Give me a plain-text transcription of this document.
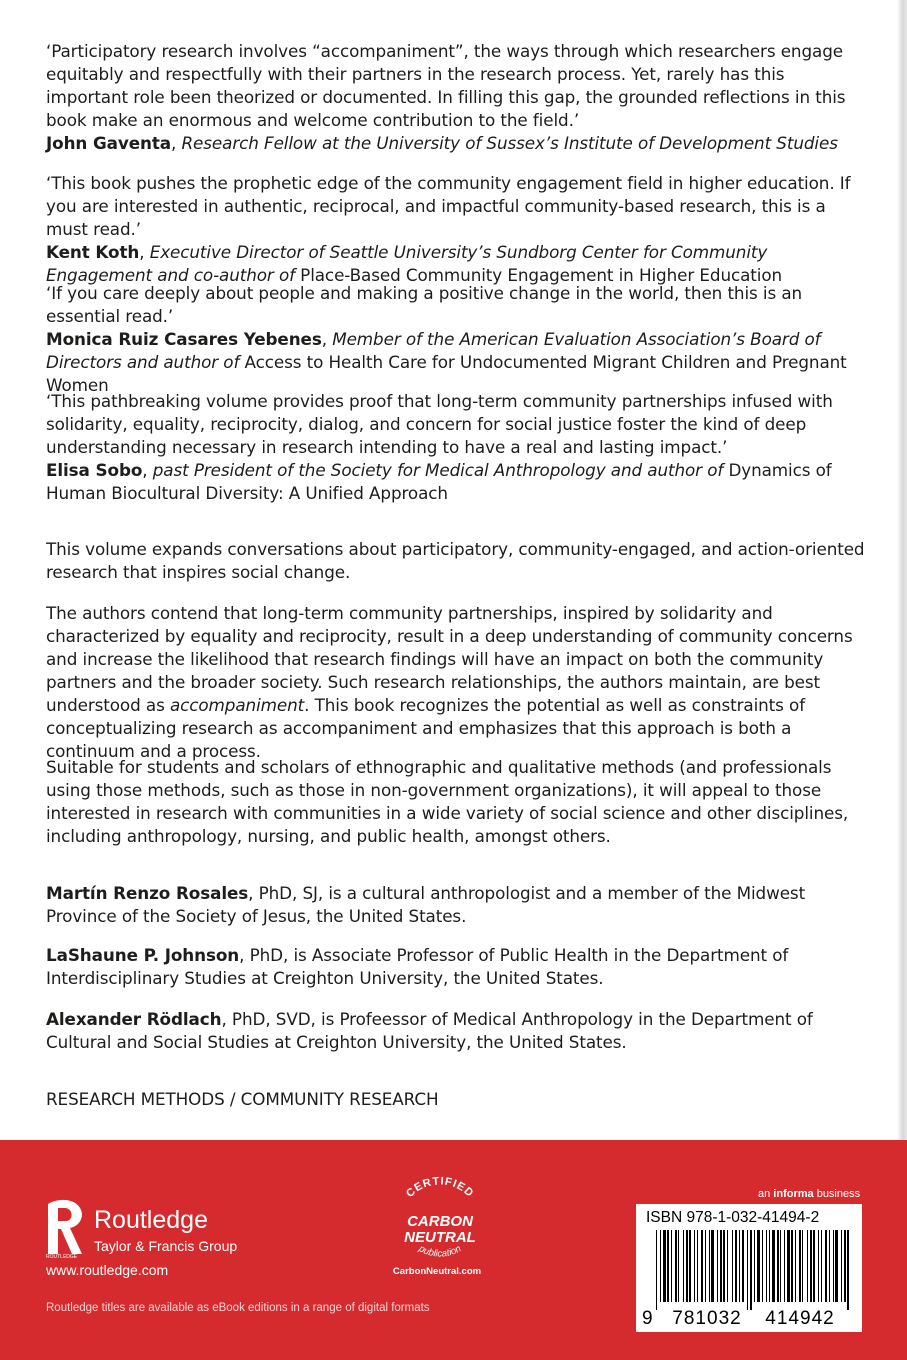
‘Participatory research involves “accompaniment”, the ways through which researchers engage equitably and respectfully with their partners in the research process. Yet, rarely has this important role been theorized or documented. In filling this gap, the grounded reflections in this book make an enormous and welcome contribution to the field.’
John Gaventa, Research Fellow at the University of Sussex’s Institute of Development Studies

‘This book pushes the prophetic edge of the community engagement field in higher education. If you are interested in authentic, reciprocal, and impactful community-based research, this is a must read.’
Kent Koth, Executive Director of Seattle University’s Sundborg Center for Community Engagement and co-author of Place-Based Community Engagement in Higher Education

‘If you care deeply about people and making a positive change in the world, then this is an essential read.’
Monica Ruiz Casares Yebenes, Member of the American Evaluation Association’s Board of Directors and author of Access to Health Care for Undocumented Migrant Children and Pregnant Women

‘This pathbreaking volume provides proof that long-term community partnerships infused with solidarity, equality, reciprocity, dialog, and concern for social justice foster the kind of deep understanding necessary in research intending to have a real and lasting impact.’
Elisa Sobo, past President of the Society for Medical Anthropology and author of Dynamics of Human Biocultural Diversity: A Unified Approach

This volume expands conversations about participatory, community-engaged, and action-oriented research that inspires social change.

The authors contend that long-term community partnerships, inspired by solidarity and characterized by equality and reciprocity, result in a deep understanding of community concerns and increase the likelihood that research findings will have an impact on both the community partners and the broader society. Such research relationships, the authors maintain, are best understood as accompaniment. This book recognizes the potential as well as constraints of conceptualizing research as accompaniment and emphasizes that this approach is both a continuum and a process.

Suitable for students and scholars of ethnographic and qualitative methods (and professionals using those methods, such as those in non-government organizations), it will appeal to those interested in research with communities in a wide variety of social science and other disciplines, including anthropology, nursing, and public health, amongst others.

Martín Renzo Rosales, PhD, SJ, is a cultural anthropologist and a member of the Midwest Province of the Society of Jesus, the United States.

LaShaune P. Johnson, PhD, is Associate Professor of Public Health in the Department of Interdisciplinary Studies at Creighton University, the United States.

Alexander Rödlach, PhD, SVD, is Profeessor of Medical Anthropology in the Department of Cultural and Social Studies at Creighton University, the United States.

RESEARCH METHODS / COMMUNITY RESEARCH

ROUTLEDGE
Routledge
Taylor & Francis Group
www.routledge.com
Routledge titles are available as eBook editions in a range of digital formats
CERTIFIED
CARBON
NEUTRAL
publication
CarbonNeutral.com
an informa business
ISBN 978-1-032-41494-2
9 781032 414942
